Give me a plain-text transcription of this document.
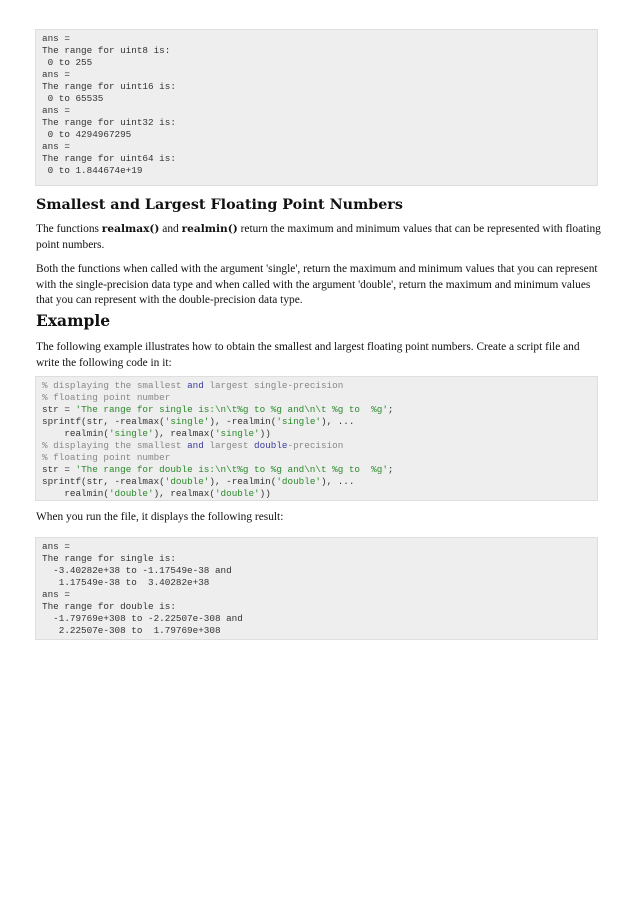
ans =
The range for uint8 is:
0 to 255
ans =
The range for uint16 is:
0 to 65535
ans =
The range for uint32 is:
0 to 4294967295
ans =
The range for uint64 is:
0 to 1.844674e+19
Smallest and Largest Floating Point Numbers

The functions realmax() and realmin() return the maximum and minimum values that can be represented with floating point numbers.

Both the functions when called with the argument 'single', return the maximum and minimum values that you can represent with the single-precision data type and when called with the argument 'double', return the maximum and minimum values that you can represent with the double-precision data type.

Example

The following example illustrates how to obtain the smallest and largest floating point numbers. Create a script file and write the following code in it:

% displaying the smallest and largest single-precision
% floating point number
str = 'The range for single is:\n\t%g to %g and\n\t %g to  %g';
sprintf(str, -realmax('single'), -realmin('single'), ...
realmin('single'), realmax('single'))
% displaying the smallest and largest double-precision
% floating point number
str = 'The range for double is:\n\t%g to %g and\n\t %g to  %g';
sprintf(str, -realmax('double'), -realmin('double'), ...
realmin('double'), realmax('double'))

When you run the file, it displays the following result:

ans =
The range for single is:
-3.40282e+38 to -1.17549e-38 and
1.17549e-38 to  3.40282e+38
ans =
The range for double is:
-1.79769e+308 to -2.22507e-308 and
2.22507e-308 to  1.79769e+308
